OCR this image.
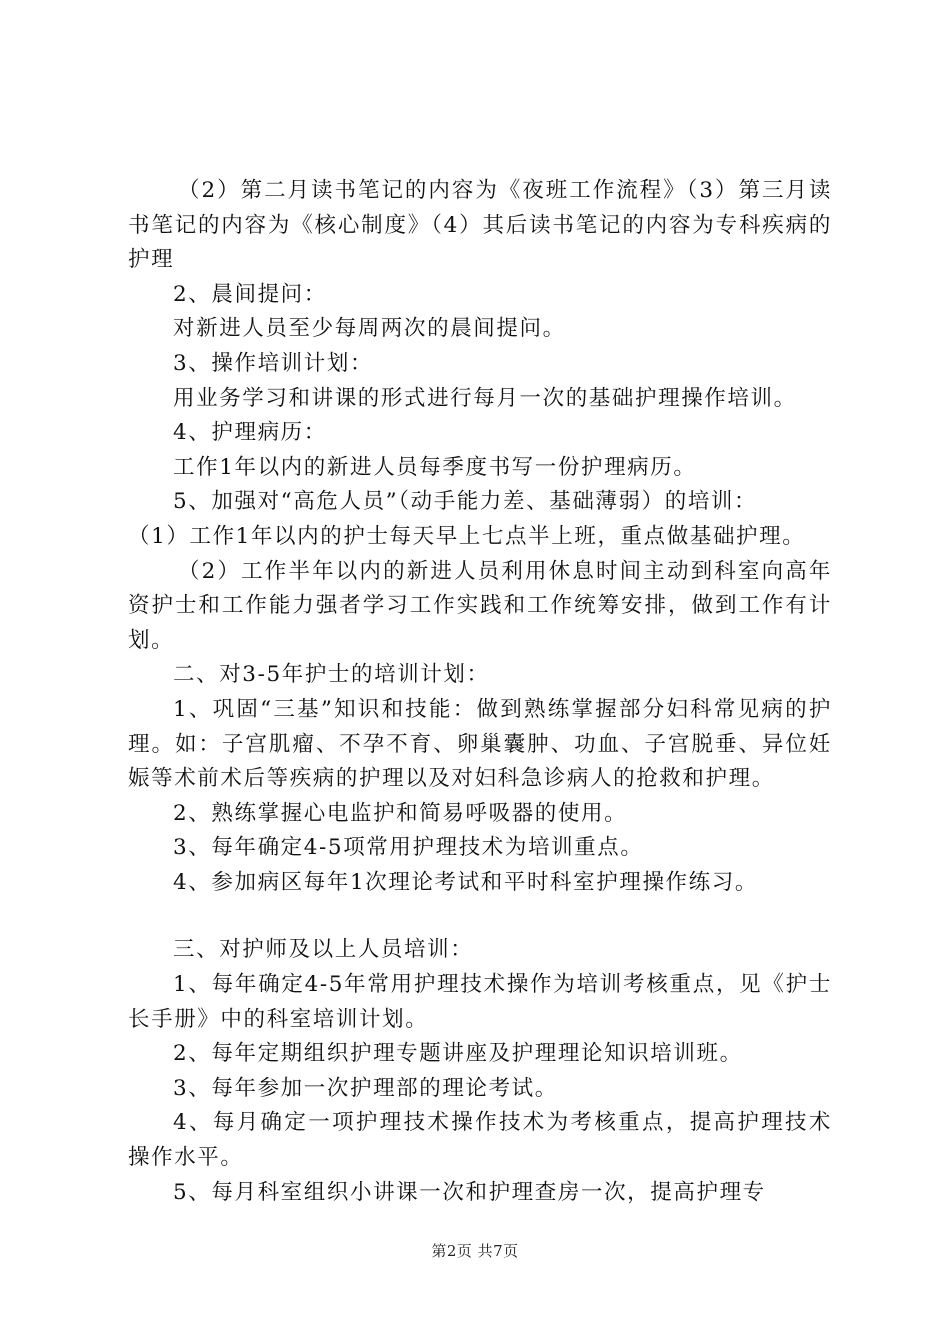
（2）第二月读书笔记的内容为《夜班工作流程》（3）第三月读书笔记的内容为《核心制度》（4）其后读书笔记的内容为专科疾病的护理

2、晨间提问：

对新进人员至少每周两次的晨间提问。

3、操作培训计划：

用业务学习和讲课的形式进行每月一次的基础护理操作培训。

4、护理病历：

工作1年以内的新进人员每季度书写一份护理病历。

5、加强对“高危人员”（动手能力差、基础薄弱）的培训：

（1）工作1年以内的护士每天早上七点半上班，重点做基础护理。

（2）工作半年以内的新进人员利用休息时间主动到科室向高年资护士和工作能力强者学习工作实践和工作统筹安排，做到工作有计划。

二、对3-5年护士的培训计划：

1、巩固“三基”知识和技能：做到熟练掌握部分妇科常见病的护理。如：子宫肌瘤、不孕不育、卵巢囊肿、功血、子宫脱垂、异位妊娠等术前术后等疾病的护理以及对妇科急诊病人的抢救和护理。

2、熟练掌握心电监护和简易呼吸器的使用。

3、每年确定4-5项常用护理技术为培训重点。

4、参加病区每年1次理论考试和平时科室护理操作练习。

三、对护师及以上人员培训：

1、每年确定4-5年常用护理技术操作为培训考核重点，见《护士长手册》中的科室培训计划。

2、每年定期组织护理专题讲座及护理理论知识培训班。

3、每年参加一次护理部的理论考试。

4、每月确定一项护理技术操作技术为考核重点，提高护理技术操作水平。

5、每月科室组织小讲课一次和护理查房一次，提高护理专

第2页 共7页
